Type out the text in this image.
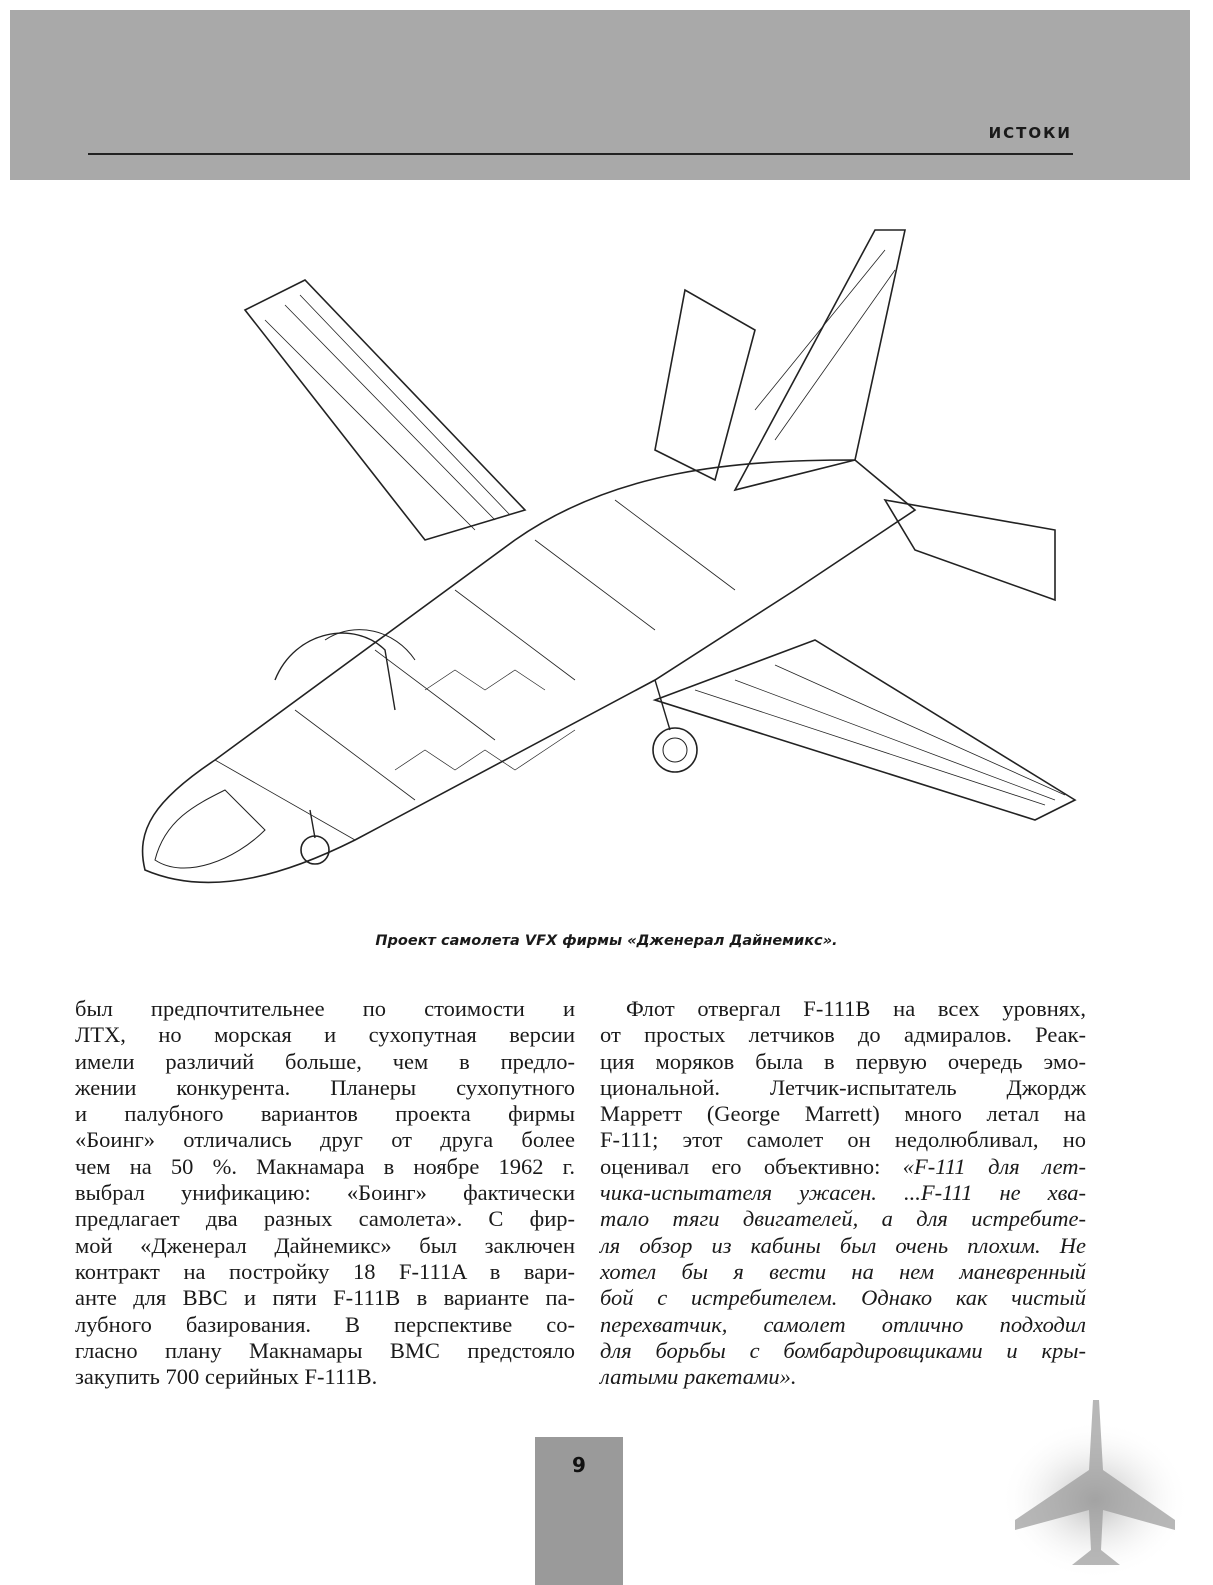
ИСТОКИ
Проект самолета VFX фирмы «Дженерал Дайнемикс».
был предпочтительнее по стоимости и
ЛТХ, но морская и сухопутная версии
имели различий больше, чем в предло-
жении конкурента. Планеры сухопутного
и палубного вариантов проекта фирмы
«Боинг» отличались друг от друга более
чем на 50 %. Макнамара в ноябре 1962 г.
выбрал унификацию: «Боинг» фактически
предлагает два разных самолета». С фир-
мой «Дженерал Дайнемикс» был заключен
контракт на постройку 18 F-111A в вари-
анте для ВВС и пяти F-111B в варианте па-
лубного базирования. В перспективе со-
гласно плану Макнамары ВМС предстояло
закупить 700 серийных F-111B.
Флот отвергал F-111B на всех уровнях,
от простых летчиков до адмиралов. Реак-
ция моряков была в первую очередь эмо-
циональной. Летчик-испытатель Джордж
Марретт (George Marrett) много летал на
F-111; этот самолет он недолюбливал, но
оценивал его объективно: «F-111 для лет-
чика-испытателя ужасен. ...F-111 не хва-
тало тяги двигателей, а для истребите-
ля обзор из кабины был очень плохим. Не
хотел бы я вести на нем маневренный
бой с истребителем. Однако как чистый
перехватчик, самолет отлично подходил
для борьбы с бомбардировщиками и кры-
латыми ракетами».
9
